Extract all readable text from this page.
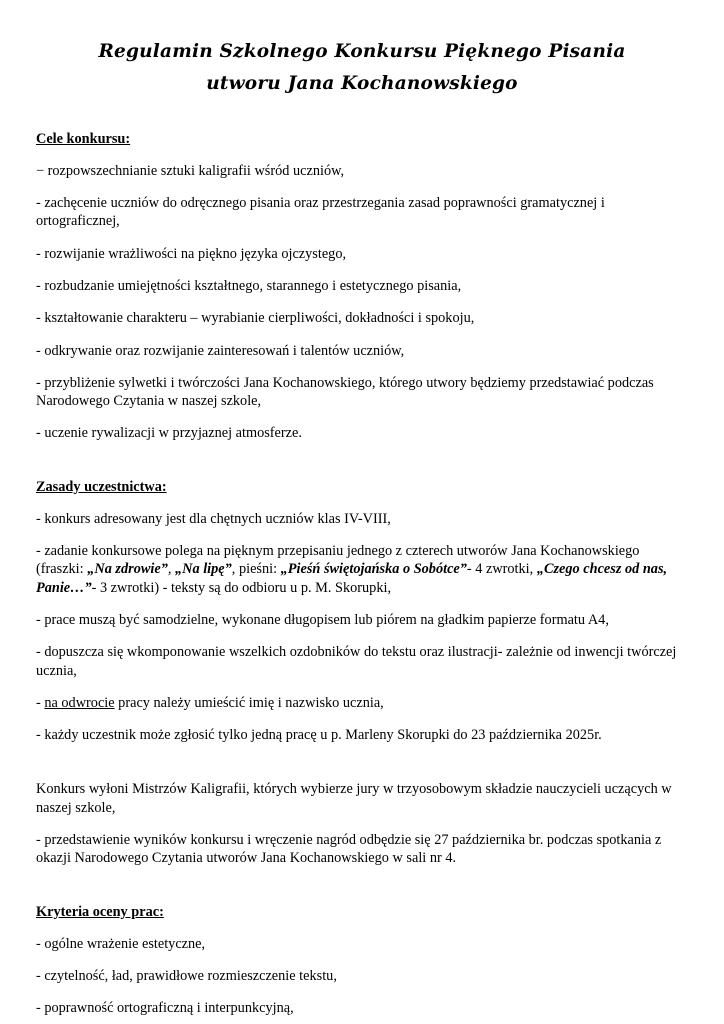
Regulamin Szkolnego Konkursu Pięknego Pisania
utworu Jana Kochanowskiego
Cele konkursu:

− rozpowszechnianie sztuki kaligrafii wśród uczniów,

- zachęcenie uczniów do odręcznego pisania oraz przestrzegania zasad poprawności gramatycznej i ortograficznej,

- rozwijanie wrażliwości na piękno języka ojczystego,

- rozbudzanie umiejętności kształtnego, starannego i estetycznego pisania,

- kształtowanie charakteru – wyrabianie cierpliwości, dokładności i spokoju,

- odkrywanie oraz rozwijanie zainteresowań i talentów uczniów,

- przybliżenie sylwetki i twórczości Jana Kochanowskiego, którego utwory będziemy przedstawiać podczas Narodowego Czytania w naszej szkole,

- uczenie rywalizacji w przyjaznej atmosferze.

Zasady uczestnictwa:

- konkurs adresowany jest dla chętnych uczniów klas IV-VIII,

- zadanie konkursowe polega na pięknym przepisaniu jednego z czterech utworów Jana Kochanowskiego
(fraszki: „Na zdrowie”, „Na lipę”, pieśni: „Pieśń świętojańska o Sobótce”- 4 zwrotki, „Czego chcesz od nas, Panie…”- 3 zwrotki) - teksty są do odbioru u p. M. Skorupki,

- prace muszą być samodzielne, wykonane długopisem lub piórem na gładkim papierze formatu A4,

- dopuszcza się wkomponowanie wszelkich ozdobników do tekstu oraz ilustracji- zależnie od inwencji twórczej ucznia,

- na odwrocie pracy należy umieścić imię i nazwisko ucznia,

- każdy uczestnik może zgłosić tylko jedną pracę u p. Marleny Skorupki do 23 października 2025r.

Konkurs wyłoni Mistrzów Kaligrafii, których wybierze jury w trzyosobowym składzie nauczycieli uczących w naszej szkole,

- przedstawienie wyników konkursu i wręczenie nagród odbędzie się 27 października br. podczas spotkania z okazji Narodowego Czytania utworów Jana Kochanowskiego w sali nr 4.

Kryteria oceny prac:

- ogólne wrażenie estetyczne,

- czytelność, ład, prawidłowe rozmieszczenie tekstu,

- poprawność ortograficzną i interpunkcyjną,
